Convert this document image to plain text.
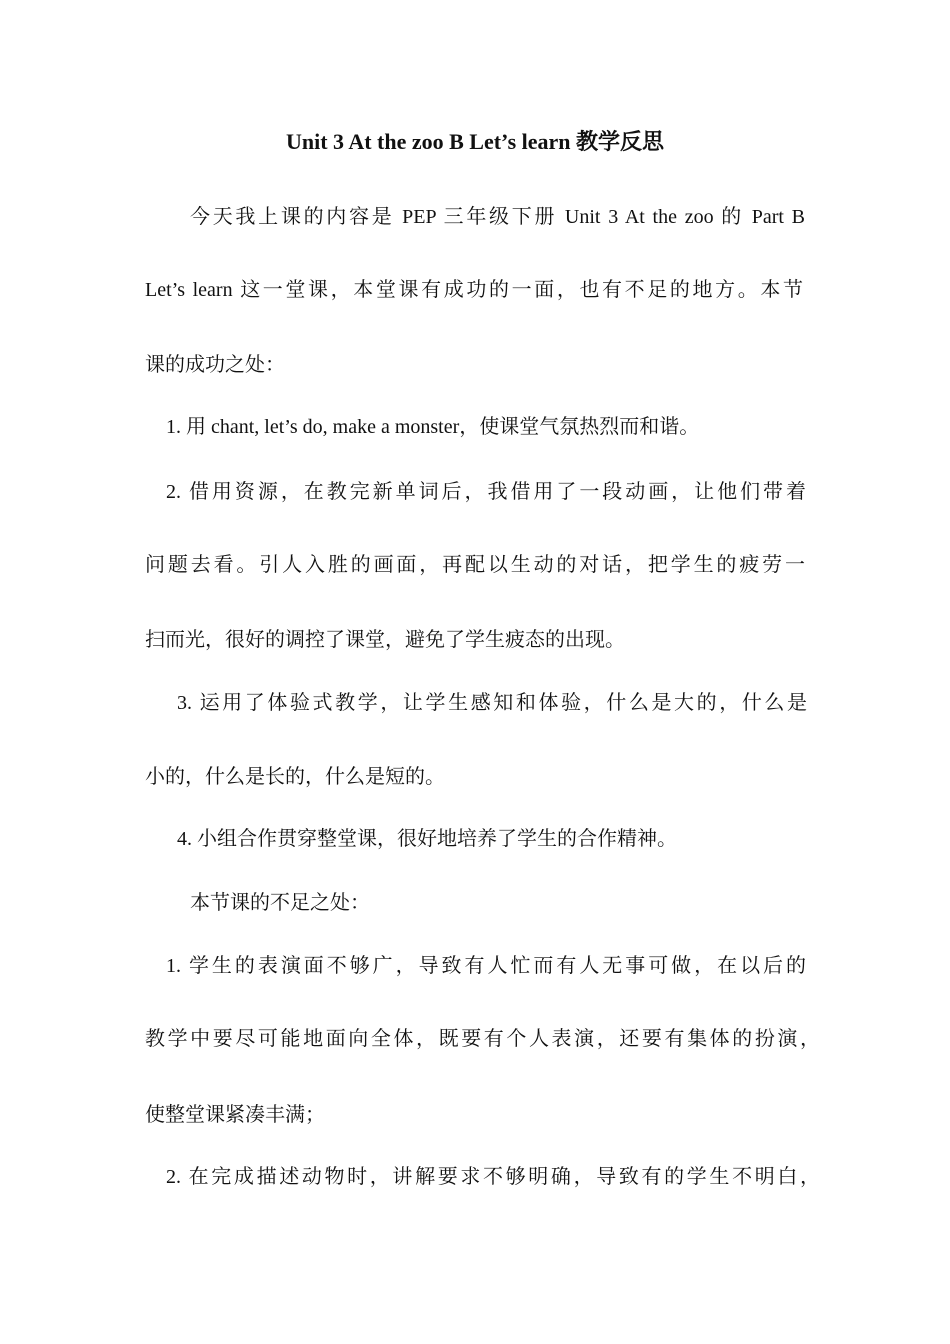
Unit 3 At the zoo B Let’s learn 教学反思
今天我上课的内容是 PEP 三年级下册 Unit 3 At the zoo 的 Part B
Let’s learn 这一堂课，本堂课有成功的一面，也有不足的地方。本节
课的成功之处：
1. 用 chant, let’s do, make a monster，使课堂气氛热烈而和谐。
2. 借用资源，在教完新单词后，我借用了一段动画，让他们带着
问题去看。引人入胜的画面，再配以生动的对话，把学生的疲劳一
扫而光，很好的调控了课堂，避免了学生疲态的出现。
3. 运用了体验式教学，让学生感知和体验，什么是大的，什么是
小的，什么是长的，什么是短的。
4. 小组合作贯穿整堂课，很好地培养了学生的合作精神。
本节课的不足之处：
1. 学生的表演面不够广，导致有人忙而有人无事可做，在以后的
教学中要尽可能地面向全体，既要有个人表演，还要有集体的扮演，
使整堂课紧凑丰满；
2. 在完成描述动物时，讲解要求不够明确，导致有的学生不明白，
